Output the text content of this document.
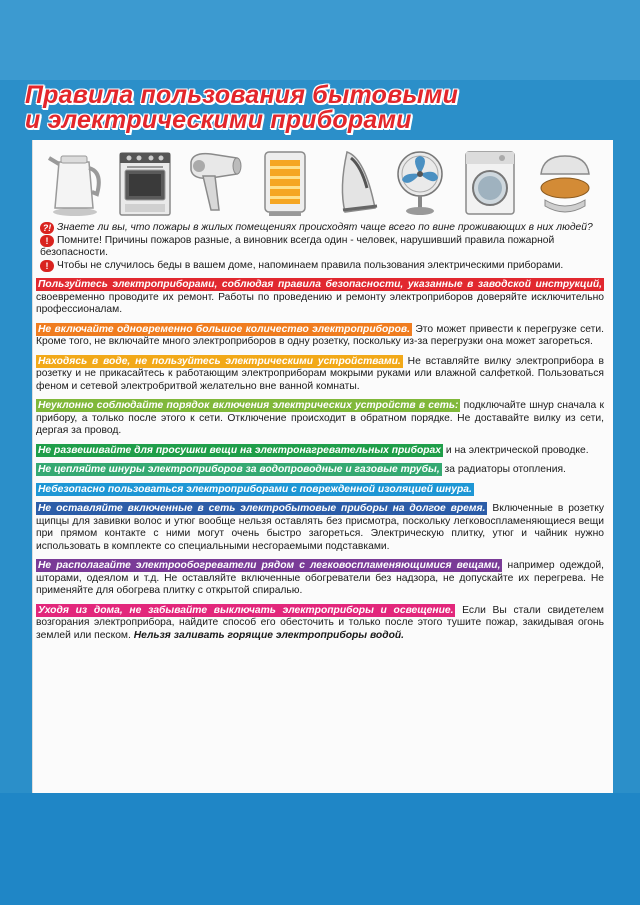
Правила пользования бытовыми
и электрическими приборами

?! Знаете ли вы, что пожары в жилых помещениях происходят чаще всего по вине проживающих в них людей?

! Помните! Причины пожаров разные, а виновник всегда один - человек, нарушивший правила пожарной безопасности.

! Чтобы не случилось беды в вашем доме, напоминаем правила пользования электрическими приборами.

Пользуйтесь электроприборами, соблюдая правила безопасности, указанные в заводской инструкций, своевременно проводите их ремонт. Работы по проведению и ремонту электроприборов доверяйте исключительно профессионалам.

Не включайте одновременно большое количество электроприборов. Это может привести к перегрузке сети. Кроме того, не включайте много электроприборов в одну розетку, поскольку из-за перегрузки она может загореться.

Находясь в воде, не пользуйтесь электрическими устройствами. Не вставляйте вилку электроприбора в розетку и не прикасайтесь к работающим электроприборам мокрыми руками или влажной салфеткой. Пользоваться феном и сетевой электробритвой желательно вне ванной комнаты.

Неуклонно соблюдайте порядок включения электрических устройств в сеть: подключайте шнур сначала к прибору, а только после этого к сети. Отключение происходит в обратном порядке. Не доставайте вилку из сети, дергая за провод.

Не развешивайте для просушки вещи на электронагревательных приборах и на электрической проводке.

Не цепляйте шнуры электроприборов за водопроводные и газовые трубы, за радиаторы отопления.

Небезопасно пользоваться электроприборами с поврежденной изоляцией шнура.

Не оставляйте включенные в сеть электробытовые приборы на долгое время. Включенные в розетку щипцы для завивки волос и утюг вообще нельзя оставлять без присмотра, поскольку легковоспламеняющиеся вещи при прямом контакте с ними могут очень быстро загореться. Электрическую плитку, утюг и чайник нужно использовать в комплекте со специальными несгораемыми подставками.

Не располагайте электрообогреватели рядом с легковоспламеняющимися вещами, например одеждой, шторами, одеялом и т.д. Не оставляйте включенные обогреватели без надзора, не допускайте их перегрева. Не применяйте для обогрева плитку с открытой спиралью.

Уходя из дома, не забывайте выключать электроприборы и освещение. Если Вы стали свидетелем возгорания электроприбора, найдите способ его обесточить и только после этого тушите пожар, закидывая огонь землей или песком. Нельзя заливать горящие электроприборы водой.
